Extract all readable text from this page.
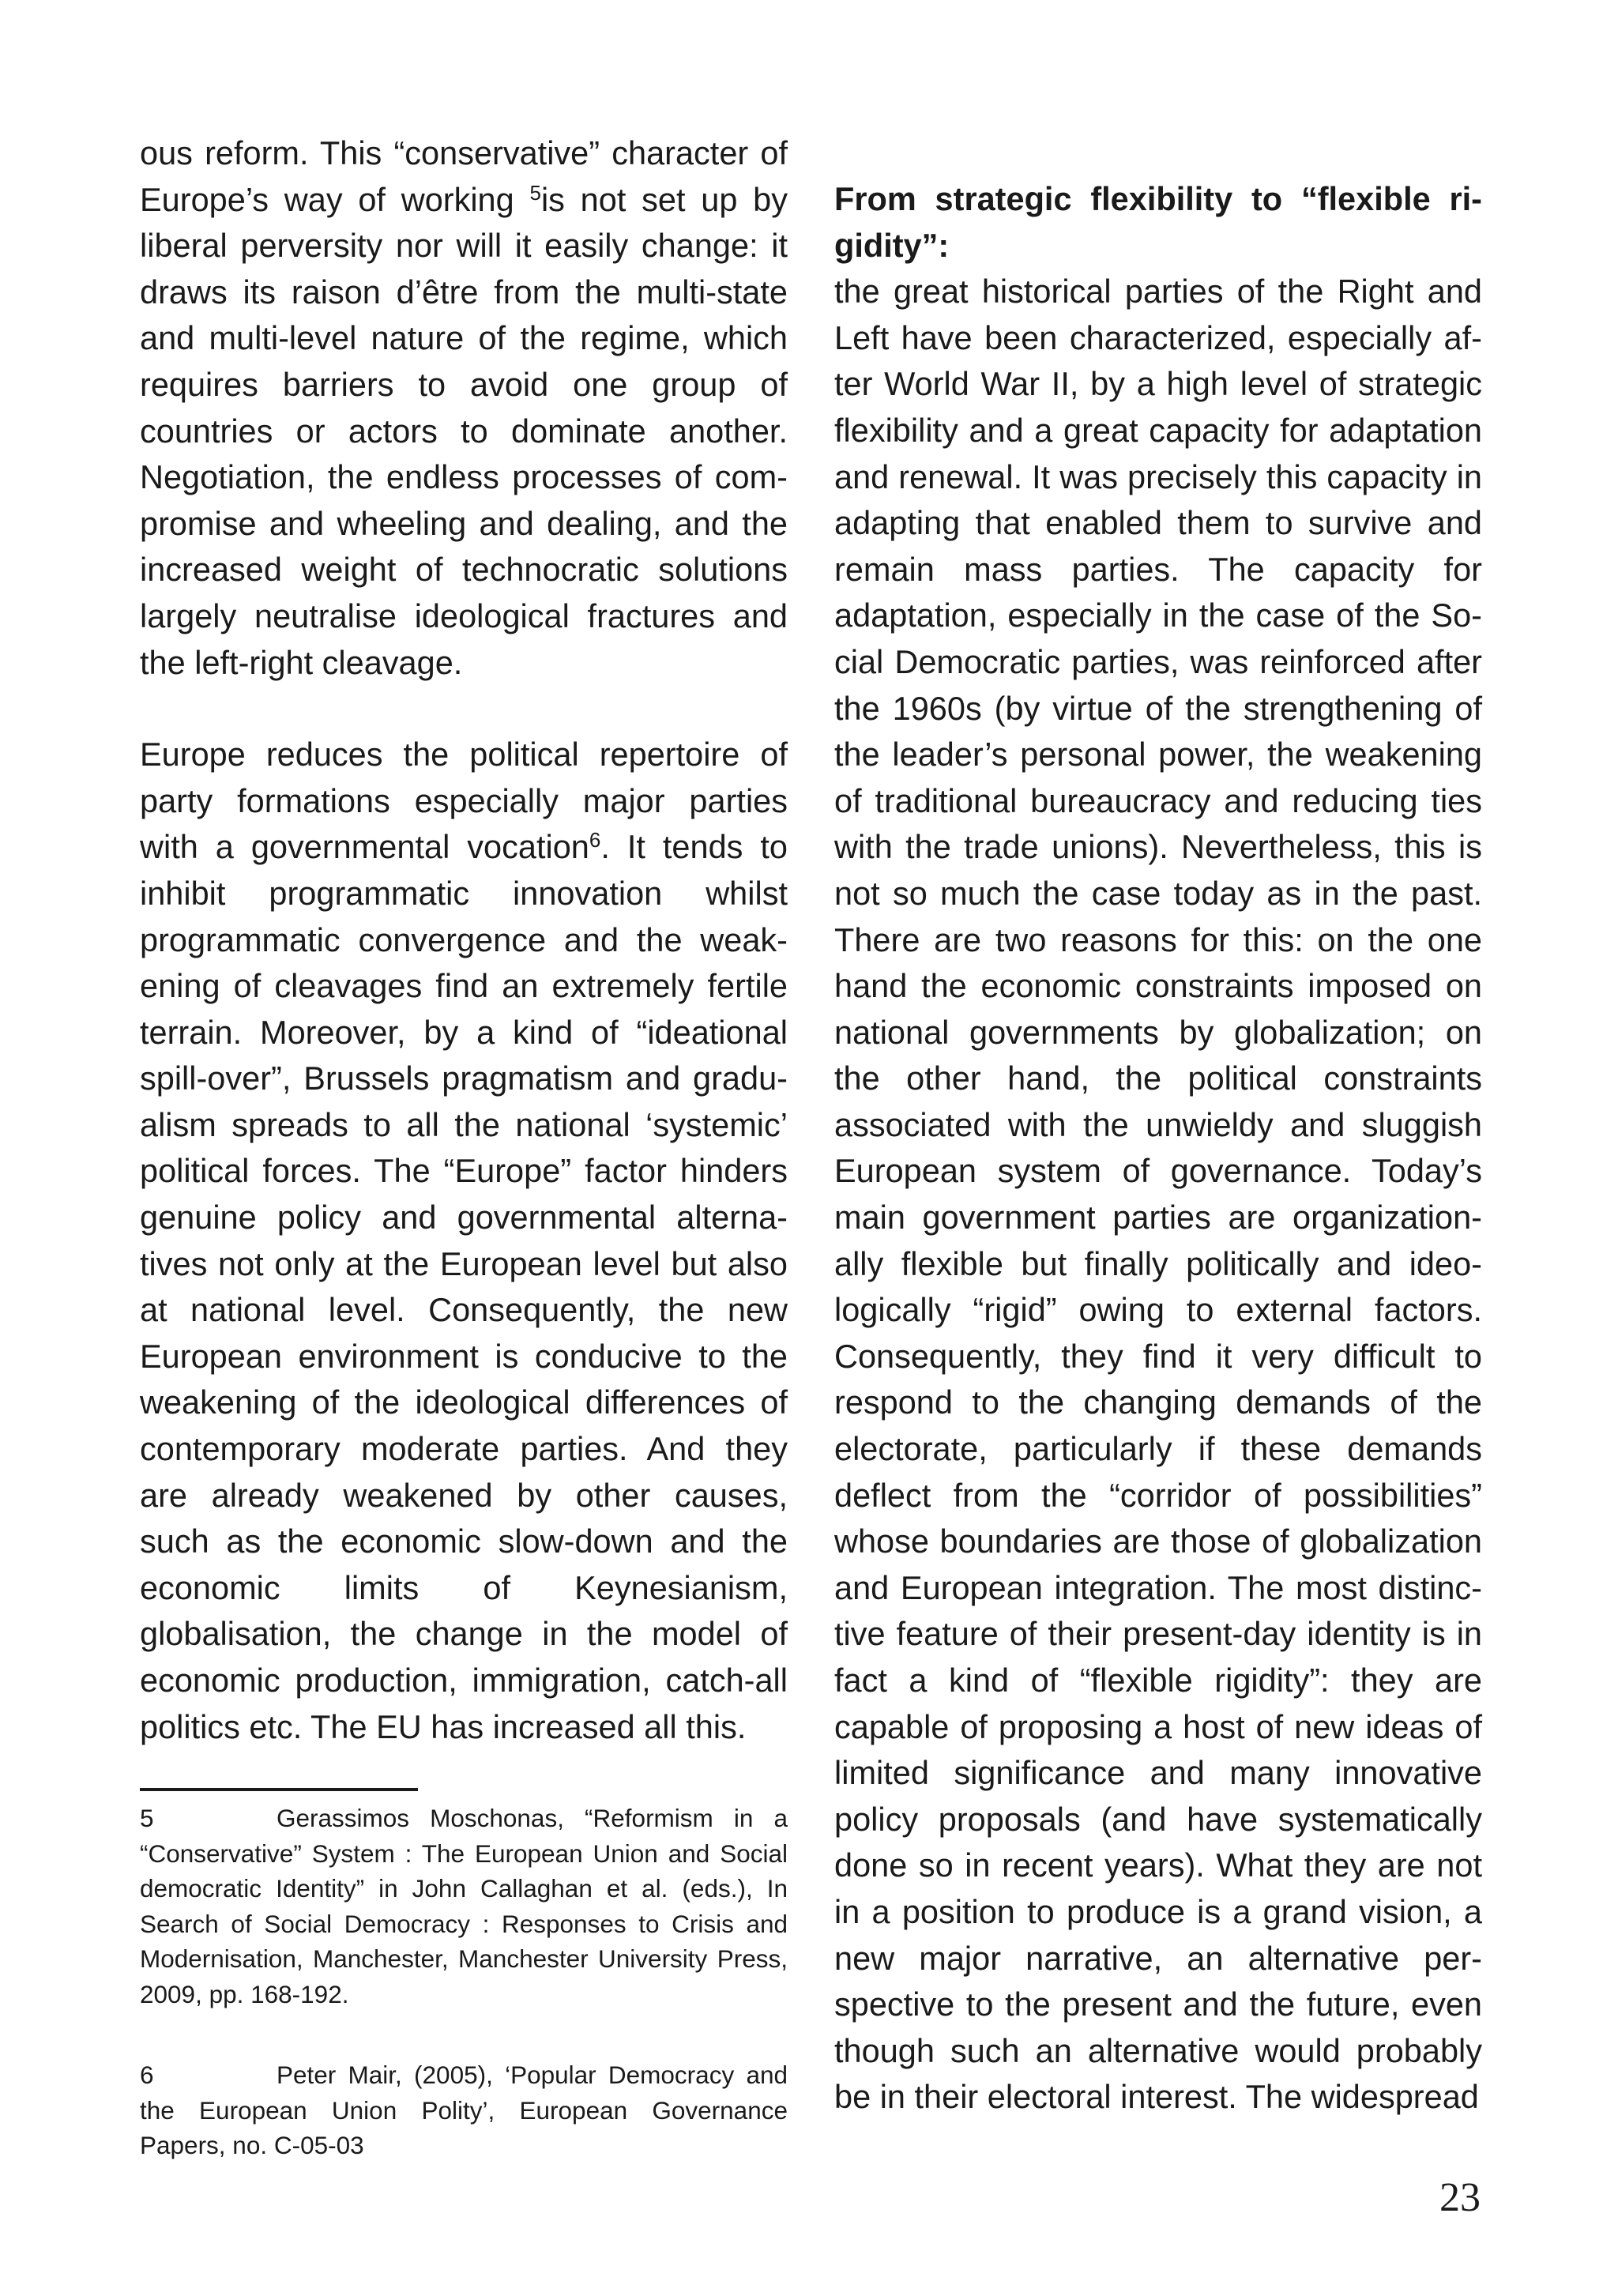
ous reform. This “conservative” character of Europe’s way of working $^5$is not set up by liberal perversity nor will it easily change: it draws its raison d’être from the multi-state and multi-level nature of the regime, which requires barriers to avoid one group of countries or actors to dominate another. Negotiation, the endless processes of compromise and wheeling and dealing, and the increased weight of technocratic solutions largely neutralise ideological fractures and the left-right cleavage.

Europe reduces the political repertoire of party formations especially major parties with a governmental vocation$^6$. It tends to inhibit programmatic innovation whilst programmatic convergence and the weakening of cleavages find an extremely fertile terrain. Moreover, by a kind of “ideational spill-over”, Brussels pragmatism and gradualism spreads to all the national ‘systemic’ political forces. The “Europe” factor hinders genuine policy and governmental alternatives not only at the European level but also at national level. Consequently, the new European environment is conducive to the weakening of the ideological differences of contemporary moderate parties. And they are already weakened by other causes, such as the economic slow-down and the economic limits of Keynesianism, globalisation, the change in the model of economic production, immigration, catch-all politics etc. The EU has increased all this.

From strategic flexibility to “flexible rigidity”:

the great historical parties of the Right and Left have been characterized, especially after World War II, by a high level of strategic flexibility and a great capacity for adaptation and renewal. It was precisely this capacity in adapting that enabled them to survive and remain mass parties. The capacity for adaptation, especially in the case of the Social Democratic parties, was reinforced after the 1960s (by virtue of the strengthening of the leader’s personal power, the weakening of traditional bureaucracy and reducing ties with the trade unions). Nevertheless, this is not so much the case today as in the past. There are two reasons for this: on the one hand the economic constraints imposed on national governments by globalization; on the other hand, the political constraints associated with the unwieldy and sluggish European system of governance. Today’s main government parties are organizationally flexible but finally politically and ideologically “rigid” owing to external factors. Consequently, they find it very difficult to respond to the changing demands of the electorate, particularly if these demands deflect from the “corridor of possibilities” whose boundaries are those of globalization and European integration. The most distinctive feature of their present-day identity is in fact a kind of “flexible rigidity”: they are capable of proposing a host of new ideas of limited significance and many innovative policy proposals (and have systematically done so in recent years). What they are not in a position to produce is a grand vision, a new major narrative, an alternative perspective to the present and the future, even though such an alternative would probably be in their electoral interest. The widespread

5	Gerassimos Moschonas, “Reformism in a “Conservative” System : The European Union and Social democratic Identity” in John Callaghan et al. (eds.), In Search of Social Democracy : Responses to Crisis and Modernisation, Manchester, Manchester University Press, 2009, pp. 168-192.

6	Peter Mair, (2005), ‘Popular Democracy and the European Union Polity’, European Governance Papers, no. C-05-03

23
